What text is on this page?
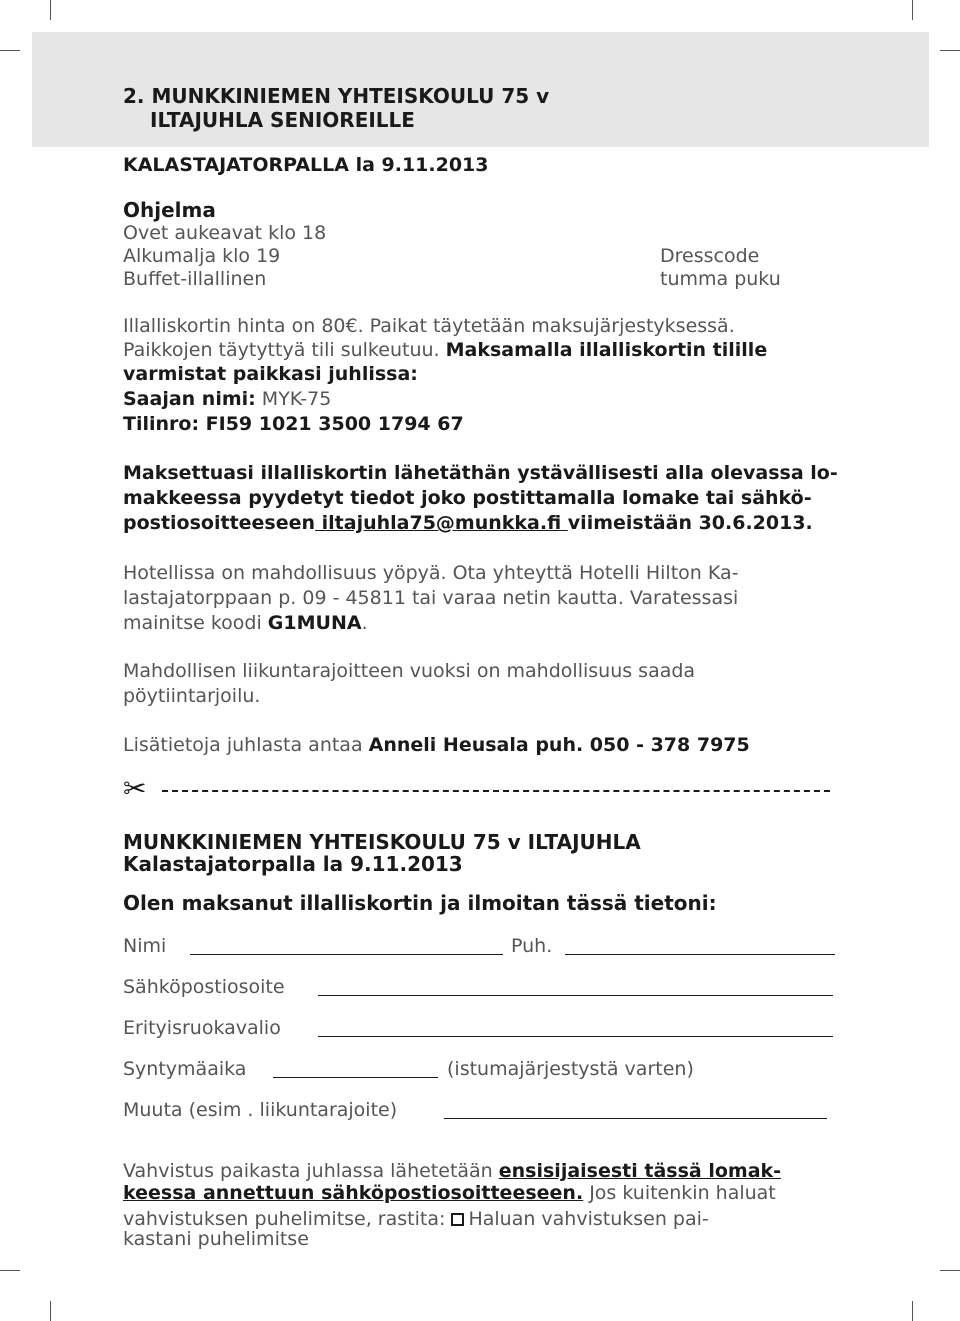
2. MUNKKINIEMEN YHTEISKOULU 75 v
ILTAJUHLA SENIOREILLE
KALASTAJATORPALLA la 9.11.2013
Ohjelma
Ovet aukeavat klo 18
Alkumalja klo 19
Buffet-illallinen
Dresscode
tumma puku
Illalliskortin hinta on 80€. Paikat täytetään maksujärjestyksessä.
Paikkojen täytyttyä tili sulkeutuu. Maksamalla illalliskortin tilille
varmistat paikkasi juhlissa:
Saajan nimi: MYK-75
Tilinro: FI59 1021 3500 1794 67
Maksettuasi illalliskortin lähetäthän ystävällisesti alla olevassa lo-
makkeessa pyydetyt tiedot joko postittamalla lomake tai sähkö-
postiosoitteeseen iltajuhla75@munkka.fi viimeistään 30.6.2013.
Hotellissa on mahdollisuus yöpyä. Ota yhteyttä Hotelli Hilton Ka-
lastajatorppaan p. 09 - 45811 tai varaa netin kautta. Varatessasi
mainitse koodi G1MUNA.
Mahdollisen liikuntarajoitteen vuoksi on mahdollisuus saada
pöytiintarjoilu.
Lisätietoja juhlasta antaa Anneli Heusala puh. 050 - 378 7975
✂
MUNKKINIEMEN YHTEISKOULU 75 v ILTAJUHLA
Kalastajatorpalla la 9.11.2013
Olen maksanut illalliskortin ja ilmoitan tässä tietoni:
Nimi	Puh.
Sähköpostiosoite
Erityisruokavalio
Syntymäaika	(istumajärjestystä varten)
Muuta (esim . liikuntarajoite)
Vahvistus paikasta juhlassa lähetetään ensisijaisesti tässä lomak-
keessa annettuun sähköpostiosoitteeseen. Jos kuitenkin haluat
vahvistuksen puhelimitse, rastita: Haluan vahvistuksen pai-
kastani puhelimitse
